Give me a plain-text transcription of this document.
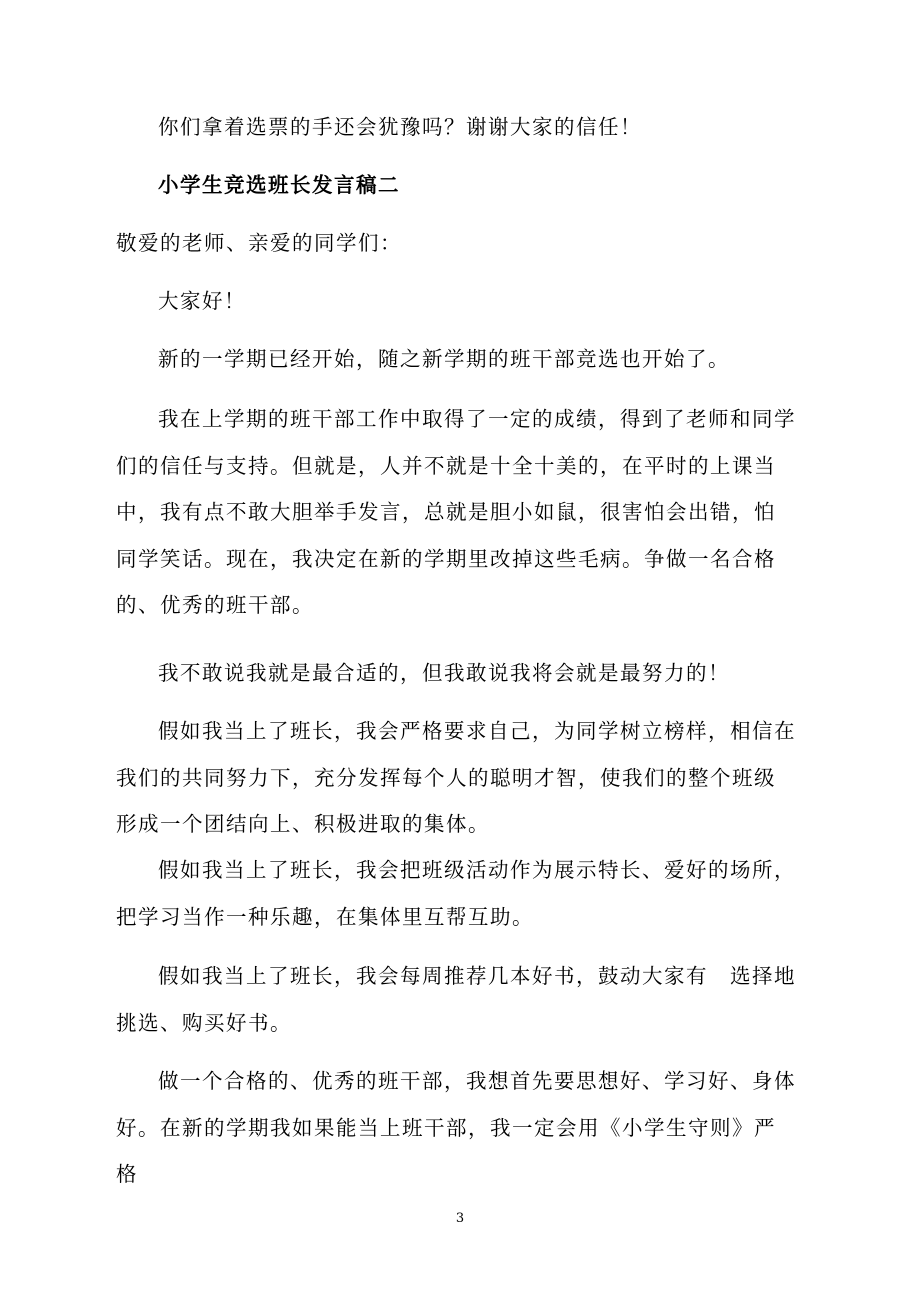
你们拿着选票的手还会犹豫吗？谢谢大家的信任！

小学生竞选班长发言稿二

敬爱的老师、亲爱的同学们：

大家好！

新的一学期已经开始，随之新学期的班干部竞选也开始了。

我在上学期的班干部工作中取得了一定的成绩，得到了老师和同学们的信任与支持。但就是，人并不就是十全十美的，在平时的上课当中，我有点不敢大胆举手发言，总就是胆小如鼠，很害怕会出错，怕同学笑话。现在，我决定在新的学期里改掉这些毛病。争做一名合格的、优秀的班干部。

我不敢说我就是最合适的，但我敢说我将会就是最努力的！

假如我当上了班长，我会严格要求自己，为同学树立榜样，相信在我们的共同努力下，充分发挥每个人的聪明才智，使我们的整个班级形成一个团结向上、积极进取的集体。

假如我当上了班长，我会把班级活动作为展示特长、爱好的场所，把学习当作一种乐趣，在集体里互帮互助。

假如我当上了班长，我会每周推荐几本好书，鼓动大家有　选择地挑选、购买好书。

做一个合格的、优秀的班干部，我想首先要思想好、学习好、身体好。在新的学期我如果能当上班干部，我一定会用《小学生守则》严格

3
